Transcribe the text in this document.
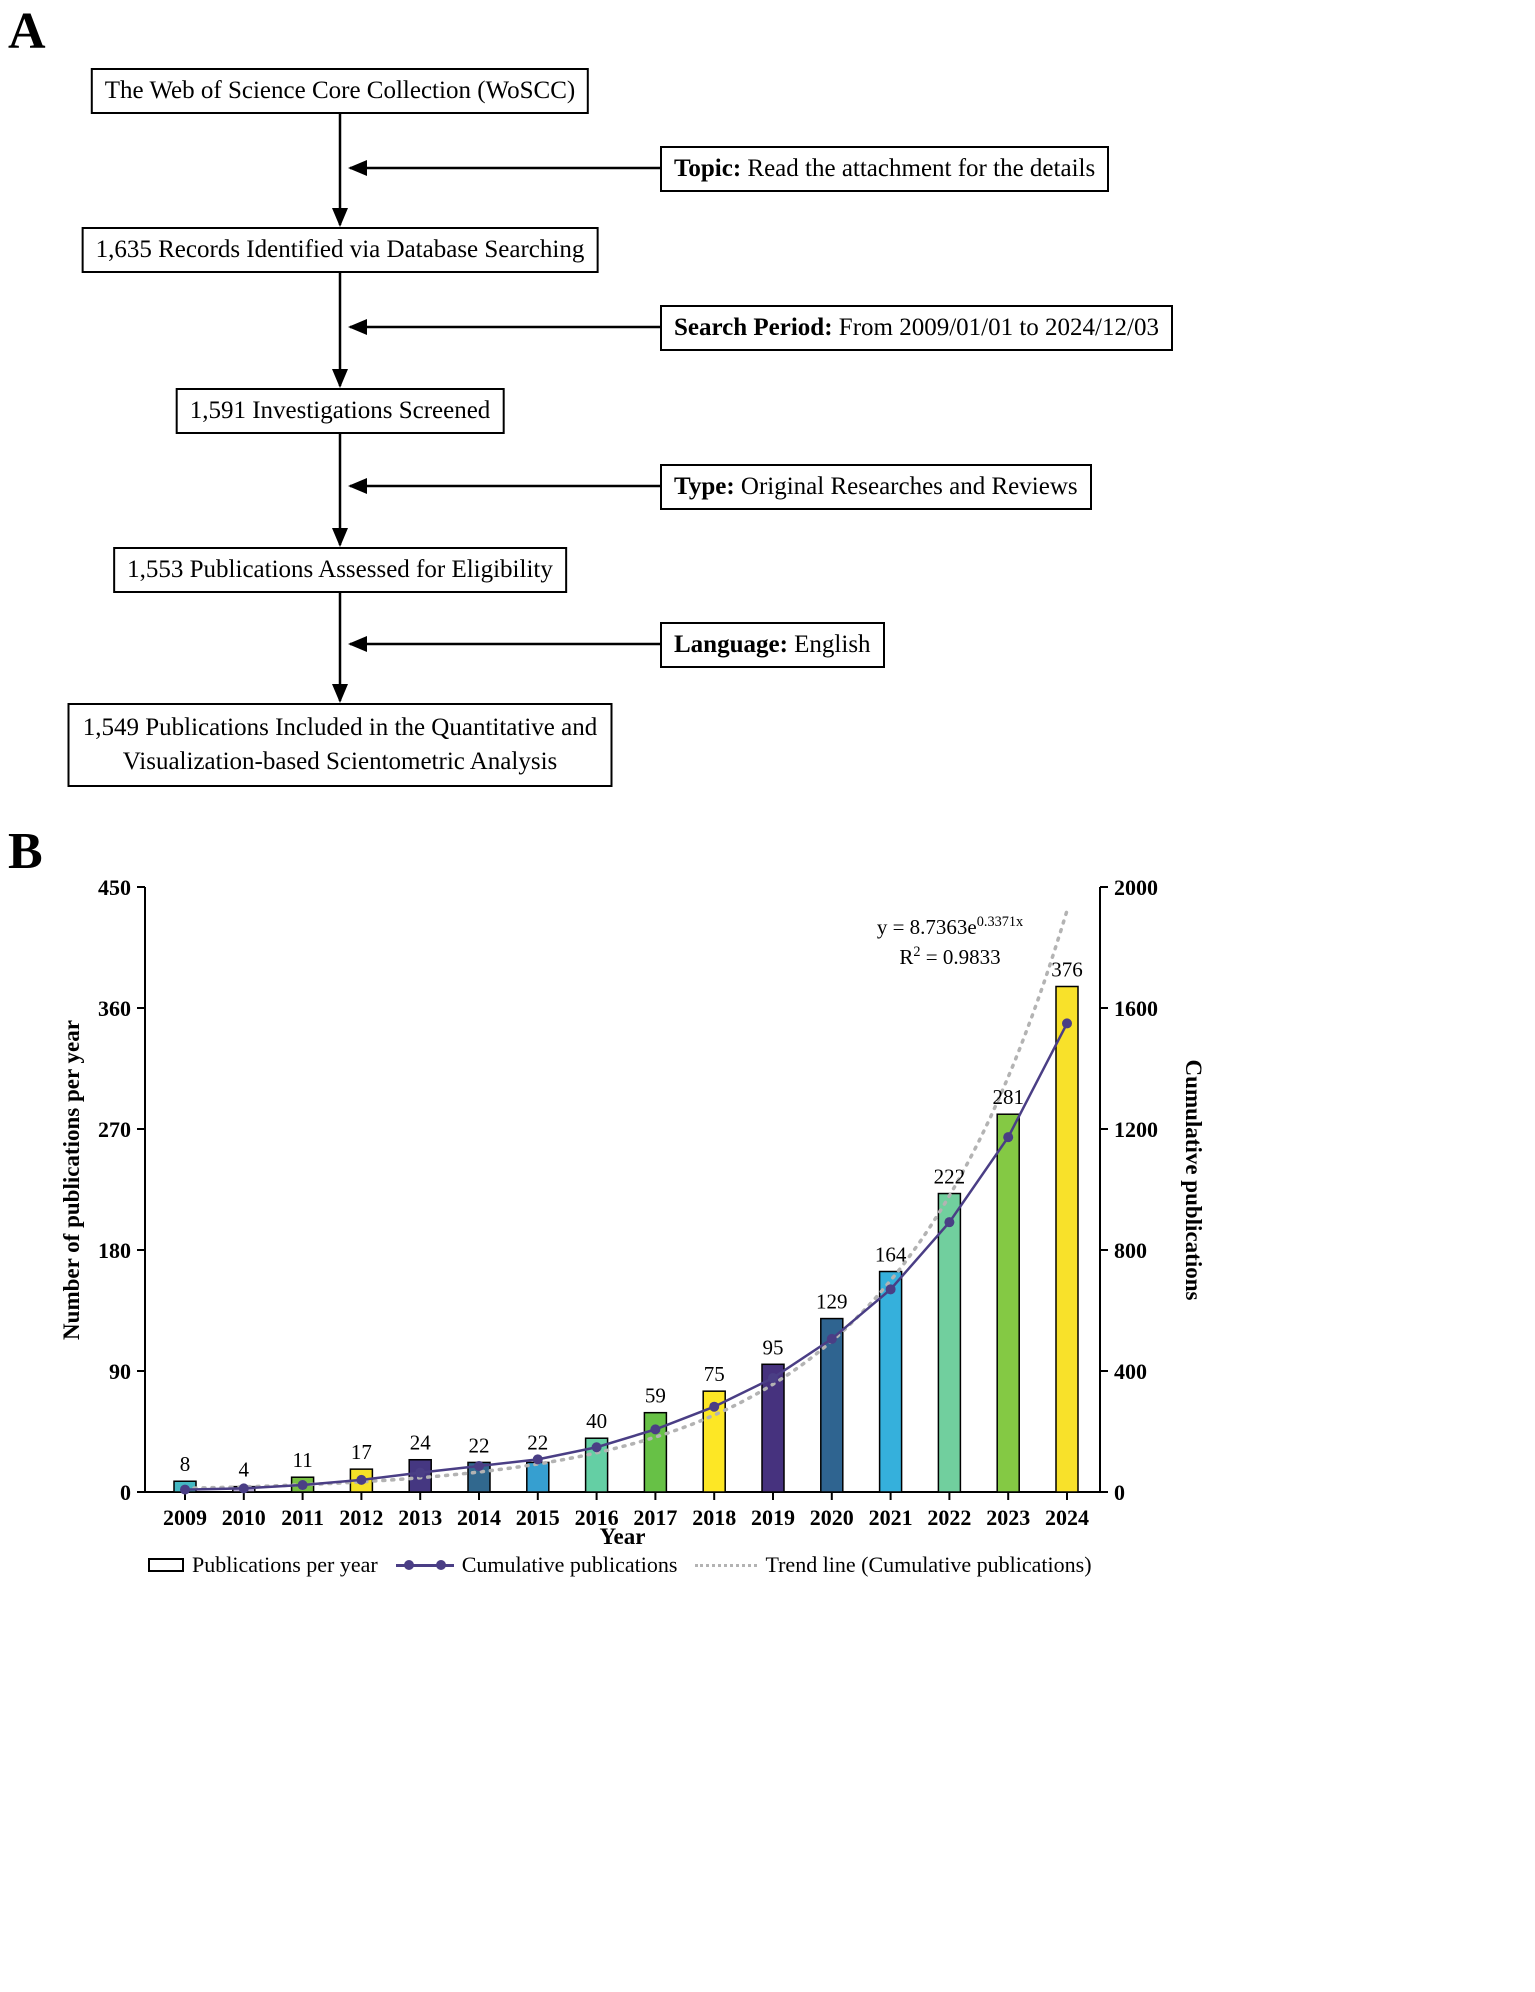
A
The Web of Science Core Collection (WoSCC)
1,635 Records Identified via Database Searching
1,591 Investigations Screened
1,553 Publications Assessed for Eligibility
1,549 Publications Included in the Quantitative and Visualization-based Scientometric Analysis
Topic: Read the attachment for the details
Search Period: From 2009/01/01 to 2024/12/03
Type: Original Researches and Reviews
Language: English
B
0
90
180
270
360
450
0
400
800
1200
1600
2000
2009 2010 2011 2012 2013 2014 2015 2016 2017 2018 2019 2020 2021 2022 2023 2024
8 4 11 17 24 22 22
40
59
75
95
129
164
222
281
376
Number of publications per year	Cumulative publications
$y = 8.7363e^{0.3371x}$
$R^2 = 0.9833$
Year
Publications per year	Cumulative publications	Trend line (Cumulative publications)
